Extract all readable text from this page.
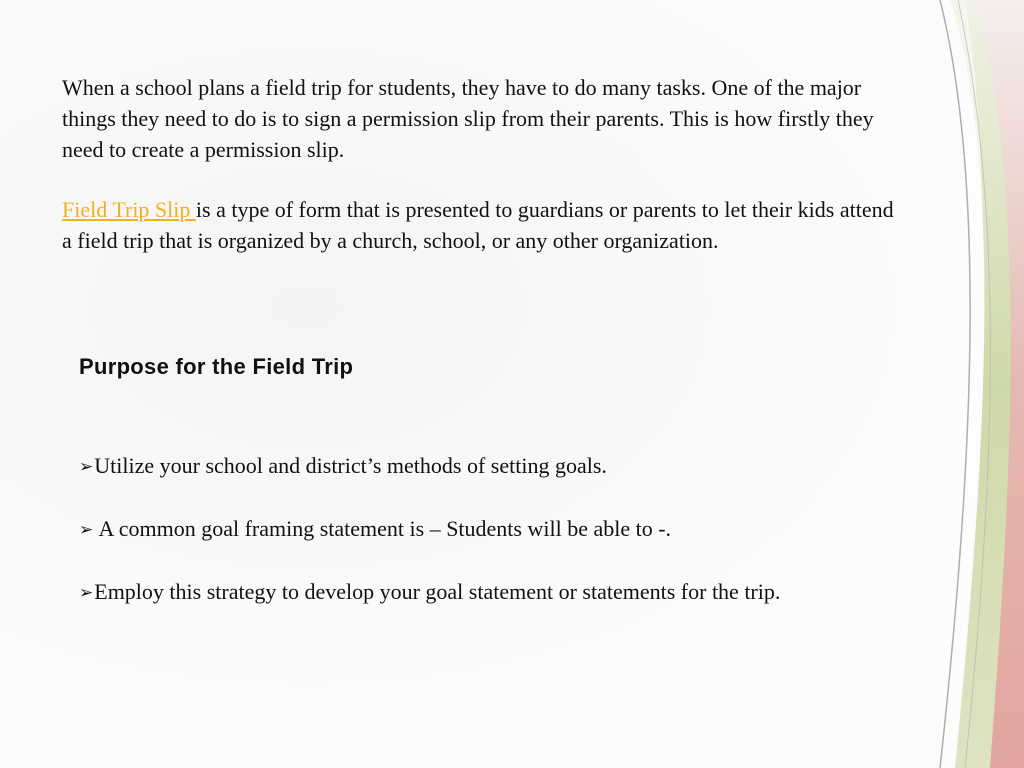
When a school plans a field trip for students, they have to do many tasks. One of the major things they need to do is to sign a permission slip from their parents. This is how firstly they need to create a permission slip.

Field Trip Slip is a type of form that is presented to guardians or parents to let their kids attend a field trip that is organized by a church, school, or any other organization.

Purpose for the Field Trip
➢Utilize your school and district’s methods of setting goals.
➢ A common goal framing statement is – Students will be able to -.
➢Employ this strategy to develop your goal statement or statements for the trip.
